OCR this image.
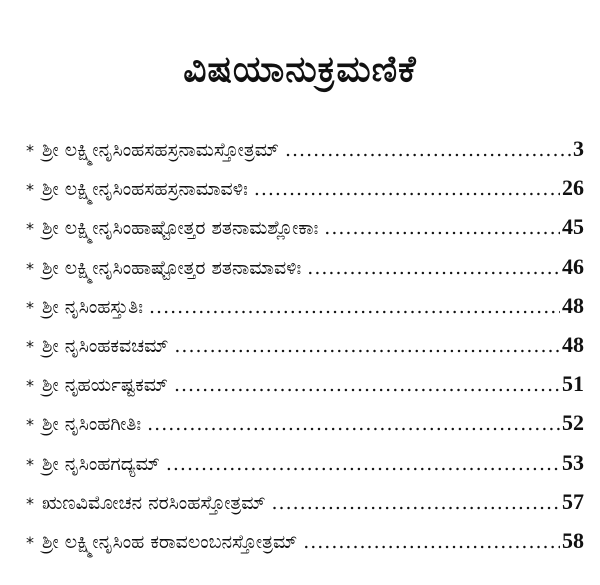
ವಿಷಯಾನುಕ್ರಮಣಿಕೆ
* ಶ್ರೀ ಲಕ್ಷ್ಮೀನೃಸಿಂಹಸಹಸ್ರನಾಮಸ್ತೋತ್ರಮ್ .....	3
* ಶ್ರೀ ಲಕ್ಷ್ಮೀನೃಸಿಂಹಸಹಸ್ರನಾಮಾವಳಿಃ .....	26
* ಶ್ರೀ ಲಕ್ಷ್ಮೀನೃಸಿಂಹಾಷ್ಟೋತ್ತರ ಶತನಾಮಶ್ಲೋಕಾಃ .....	45
* ಶ್ರೀ ಲಕ್ಷ್ಮೀನೃಸಿಂಹಾಷ್ಟೋತ್ತರ ಶತನಾಮಾವಳಿಃ .....	46
* ಶ್ರೀ ನೃಸಿಂಹಸ್ತುತಿಃ .....	48
* ಶ್ರೀ ನೃಸಿಂಹಕವಚಮ್ .....	48
* ಶ್ರೀ ನೃಹರ್ಯಷ್ಟಕಮ್ .....	51
* ಶ್ರೀ ನೃಸಿಂಹಗೀತಿಃ .....	52
* ಶ್ರೀ ನೃಸಿಂಹಗದ್ಯಮ್ .....	53
* ಋಣವಿಮೋಚನ ನರಸಿಂಹಸ್ತೋತ್ರಮ್ .....	57
* ಶ್ರೀ ಲಕ್ಷ್ಮೀನೃಸಿಂಹ ಕರಾವಲಂಬನಸ್ತೋತ್ರಮ್ .....	58
